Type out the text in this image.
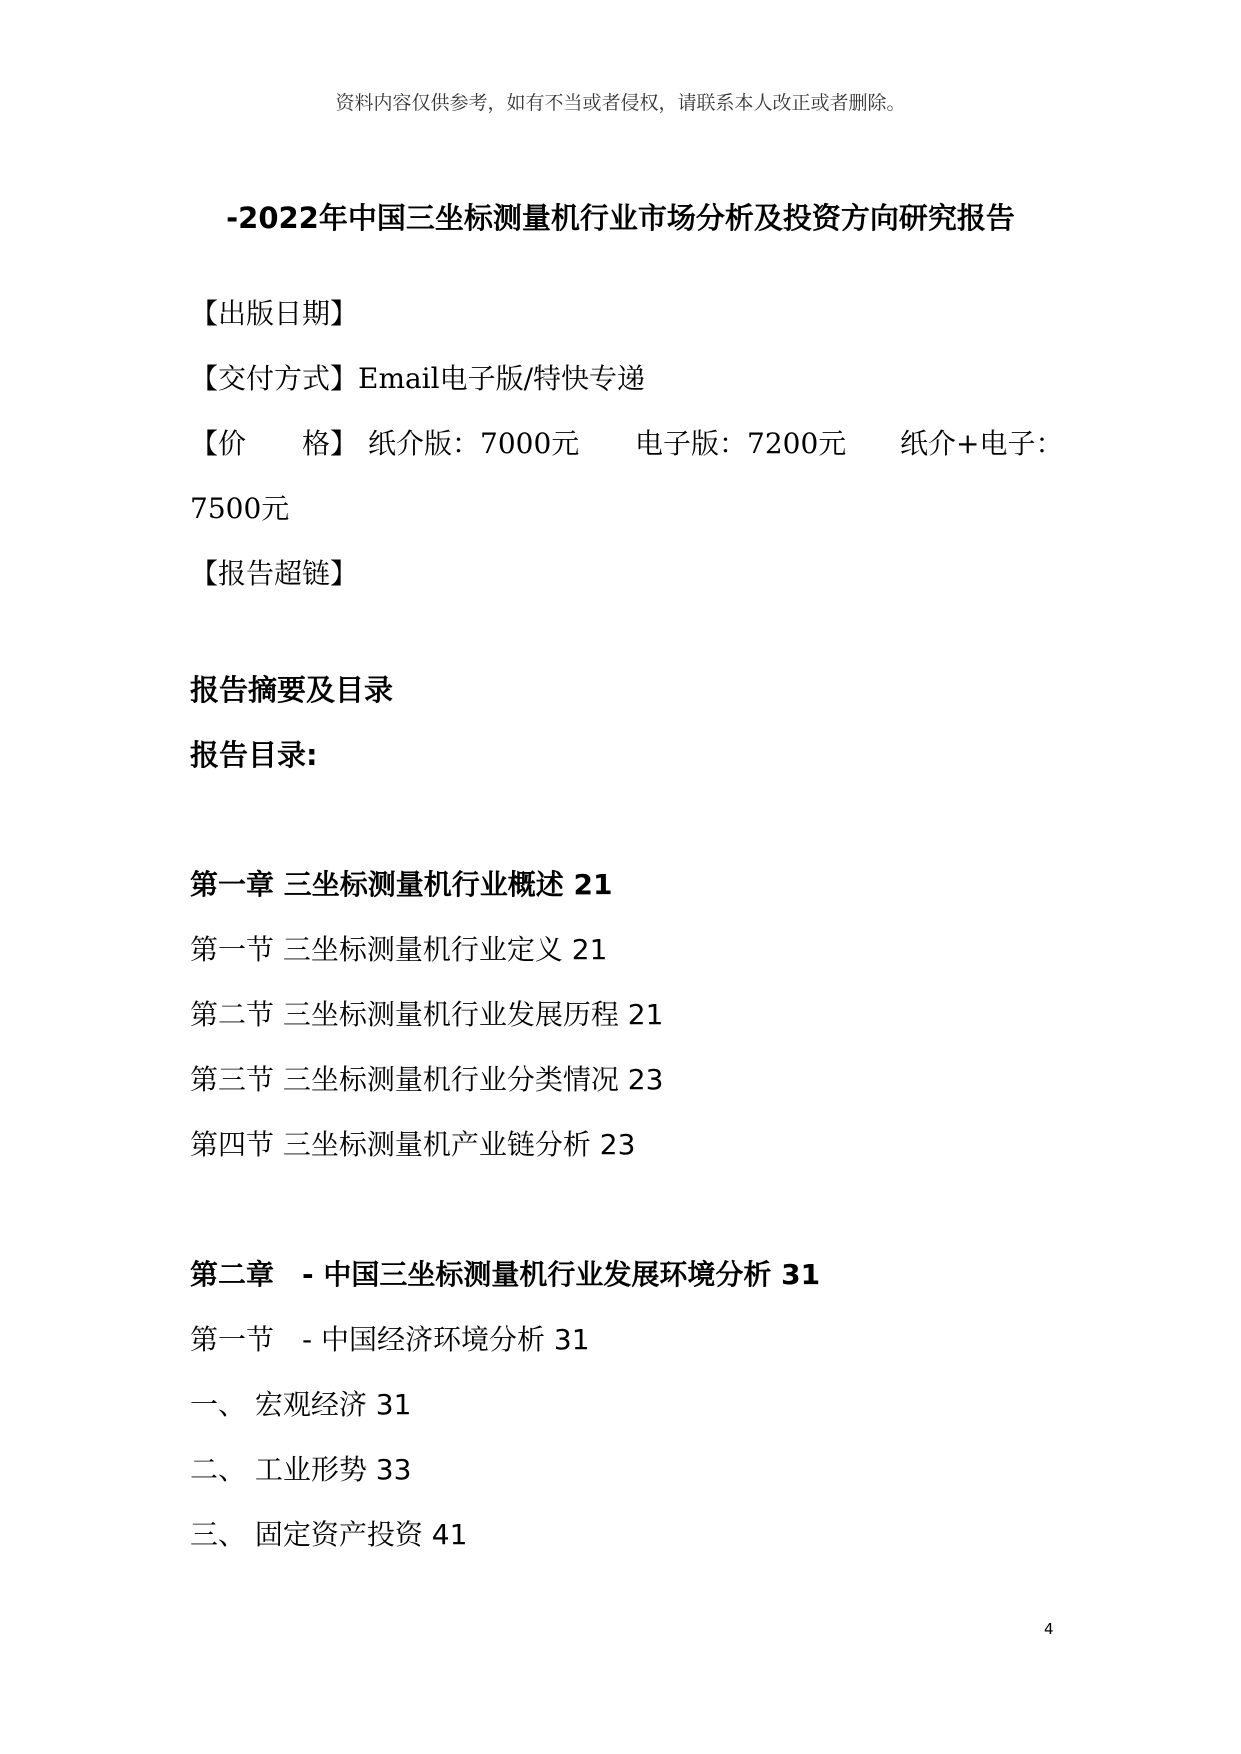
资料内容仅供参考，如有不当或者侵权，请联系本人改正或者删除。
-2022年中国三坐标测量机行业市场分析及投资方向研究报告
【出版日期】
【交付方式】Email电子版/特快专递
【价　　格】 纸介版：7000元 电子版：7200元 纸介+电子：
7500元
【报告超链】
报告摘要及目录
报告目录:
第一章 三坐标测量机行业概述 21
第一节 三坐标测量机行业定义 21
第二节 三坐标测量机行业发展历程 21
第三节 三坐标测量机行业分类情况 23
第四节 三坐标测量机产业链分析 23
第二章　- 中国三坐标测量机行业发展环境分析 31
第一节　- 中国经济环境分析 31
一、 宏观经济 31
二、 工业形势 33
三、 固定资产投资 41
4
